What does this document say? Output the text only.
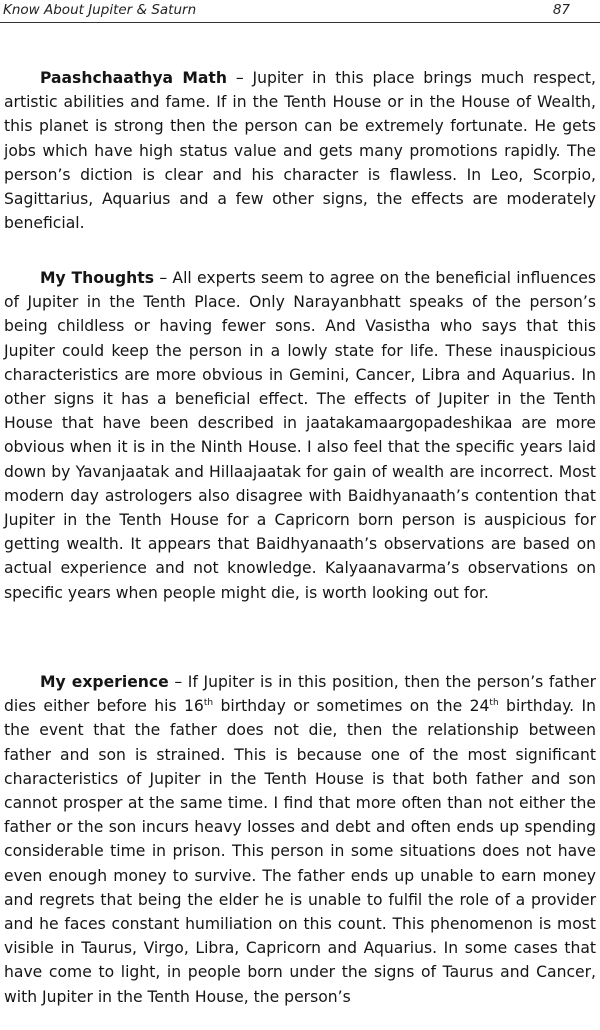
Know About Jupiter & Saturn	87

Paashchaathya Math – Jupiter in this place brings much respect, artistic abilities and fame. If in the Tenth House or in the House of Wealth, this planet is strong then the person can be extremely fortunate. He gets jobs which have high status value and gets many promotions rapidly. The person’s diction is clear and his character is flawless. In Leo, Scorpio, Sagittarius, Aquarius and a few other signs, the effects are moderately beneficial.

My Thoughts – All experts seem to agree on the beneficial influences of Jupiter in the Tenth Place. Only Narayanbhatt speaks of the person’s being childless or having fewer sons. And Vasistha who says that this Jupiter could keep the person in a lowly state for life. These inauspicious characteristics are more obvious in Gemini, Cancer, Libra and Aquarius. In other signs it has a beneficial effect. The effects of Jupiter in the Tenth House that have been described in jaatakamaargopadeshikaa are more obvious when it is in the Ninth House. I also feel that the specific years laid down by Yavanjaatak and Hillaajaatak for gain of wealth are incorrect. Most modern day astrologers also disagree with Baidhyanaath’s contention that Jupiter in the Tenth House for a Capricorn born person is auspicious for getting wealth. It appears that Baidhyanaath’s observations are based on actual experience and not knowledge. Kalyaanavarma’s observations on specific years when people might die, is worth looking out for.

My experience – If Jupiter is in this position, then the person’s father dies either before his 16th birthday or sometimes on the 24th birthday. In the event that the father does not die, then the relationship between father and son is strained. This is because one of the most significant characteristics of Jupiter in the Tenth House is that both father and son cannot prosper at the same time. I find that more often than not either the father or the son incurs heavy losses and debt and often ends up spending considerable time in prison. This person in some situations does not have even enough money to survive. The father ends up unable to earn money and regrets that being the elder he is unable to fulfil the role of a provider and he faces constant humiliation on this count. This phenomenon is most visible in Taurus, Virgo, Libra, Capricorn and Aquarius. In some cases that have come to light, in people born under the signs of Taurus and Cancer, with Jupiter in the Tenth House, the person’s
